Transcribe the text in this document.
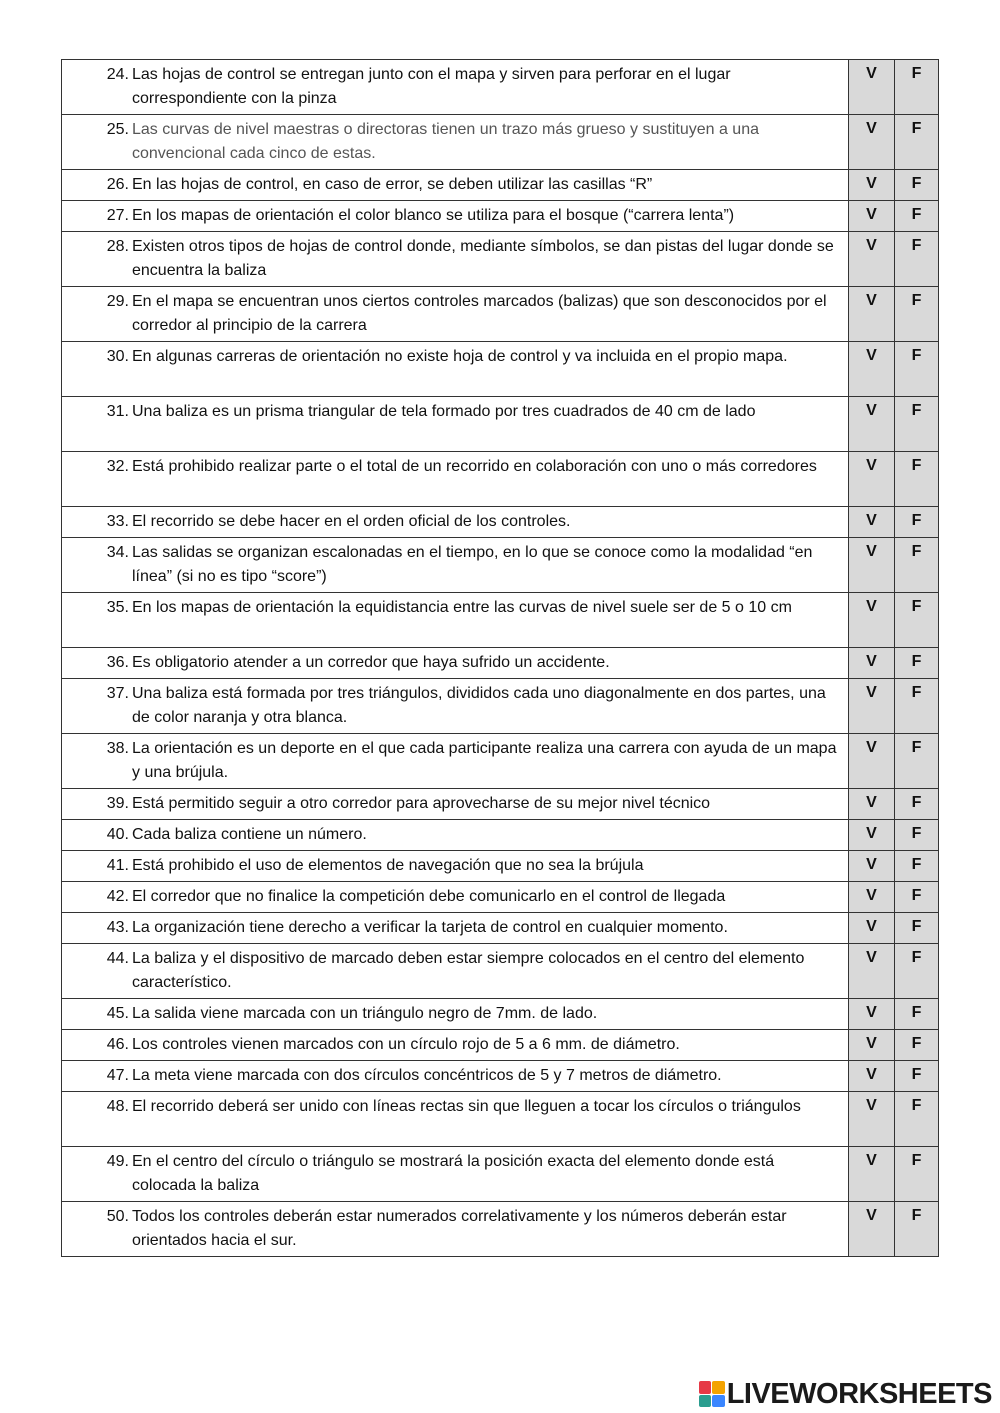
24. Las hojas de control se entregan junto con el mapa y sirven para perforar en el lugar correspondiente con la pinza	V	F

25. Las curvas de nivel maestras o directoras tienen un trazo más grueso y sustituyen a una convencional cada cinco de estas.	V	F

26. En las hojas de control, en caso de error, se deben utilizar las casillas “R”	V	F

27. En los mapas de orientación el color blanco se utiliza para el bosque (“carrera lenta”)	V	F

28. Existen otros tipos de hojas de control donde, mediante símbolos, se dan pistas del lugar donde se encuentra la baliza	V	F

29. En el mapa se encuentran unos ciertos controles marcados (balizas) que son desconocidos por el corredor al principio de la carrera	V	F

30. En algunas carreras de orientación no existe hoja de control y va incluida en el propio mapa.	V	F

31. Una baliza es un prisma triangular de tela formado por tres cuadrados de 40 cm de lado	V	F

32. Está prohibido realizar parte o el total de un recorrido en colaboración con uno o más corredores	V	F

33. El recorrido se debe hacer en el orden oficial de los controles.	V	F

34. Las salidas se organizan escalonadas en el tiempo, en lo que se conoce como la modalidad “en línea” (si no es tipo “score”)	V	F

35. En los mapas de orientación la equidistancia entre las curvas de nivel suele ser de 5 o 10 cm	V	F

36. Es obligatorio atender a un corredor que haya sufrido un accidente.	V	F

37. Una baliza está formada por tres triángulos, divididos cada uno diagonalmente en dos partes, una de color naranja y otra blanca.	V	F

38. La orientación es un deporte en el que cada participante realiza una carrera con ayuda de un mapa y una brújula.	V	F

39. Está permitido seguir a otro corredor para aprovecharse de su mejor nivel técnico	V	F

40. Cada baliza contiene un número.	V	F

41. Está prohibido el uso de elementos de navegación que no sea la brújula	V	F

42. El corredor que no finalice la competición debe comunicarlo en el control de llegada	V	F

43. La organización tiene derecho a verificar la tarjeta de control en cualquier momento.	V	F

44. La baliza y el dispositivo de marcado deben estar siempre colocados en el centro del elemento característico.	V	F

45. La salida viene marcada con un triángulo negro de 7mm. de lado.	V	F

46. Los controles vienen marcados con un círculo rojo de 5 a 6 mm. de diámetro.	V	F

47. La meta viene marcada con dos círculos concéntricos de 5 y 7 metros de diámetro.	V	F

48. El recorrido deberá ser unido con líneas rectas sin que lleguen a tocar los círculos o triángulos	V	F

49. En el centro del círculo o triángulo se mostrará la posición exacta del elemento donde está colocada la baliza	V	F

50. Todos los controles deberán estar numerados correlativamente y los números deberán estar orientados hacia el sur.	V	F
LIVEWORKSHEETS
